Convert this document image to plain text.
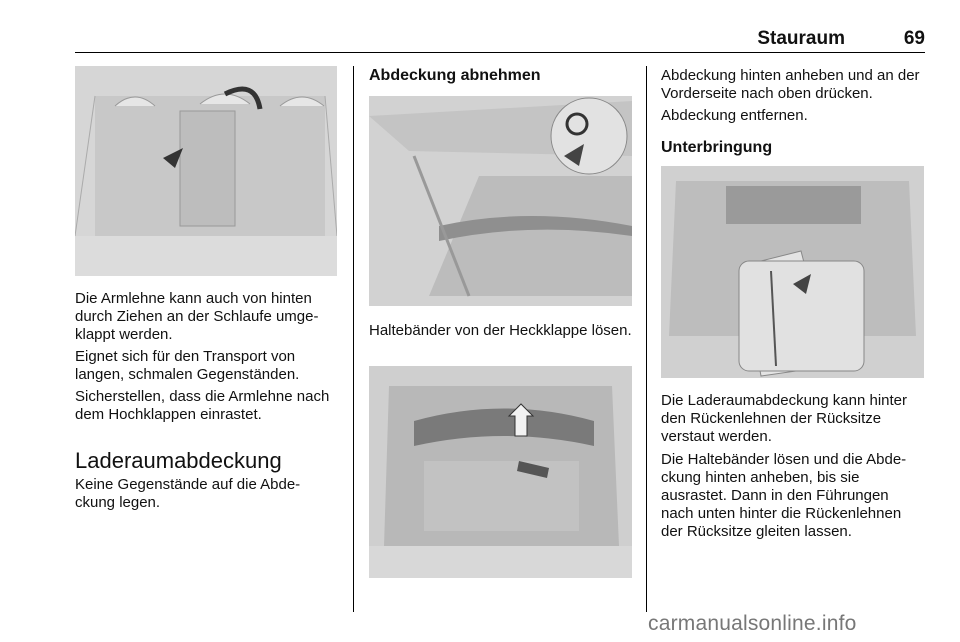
Stauraum	69

Die Armlehne kann auch von hinten durch Ziehen an der Schlaufe umge‐ klappt werden.

Eignet sich für den Transport von langen, schmalen Gegenständen.

Sicherstellen, dass die Armlehne nach dem Hochklappen einrastet.

Laderaumabdeckung

Keine Gegenstände auf die Abde‐ ckung legen.

Abdeckung abnehmen

Haltebänder von der Heckklappe lösen.

Abdeckung hinten anheben und an der Vorderseite nach oben drücken.

Abdeckung entfernen.

Unterbringung

Die Laderaumabdeckung kann hinter den Rückenlehnen der Rücksitze verstaut werden.

Die Haltebänder lösen und die Abde‐ ckung hinten anheben, bis sie ausrastet. Dann in den Führungen nach unten hinter die Rückenlehnen der Rücksitze gleiten lassen.

carmanualsonline.info
